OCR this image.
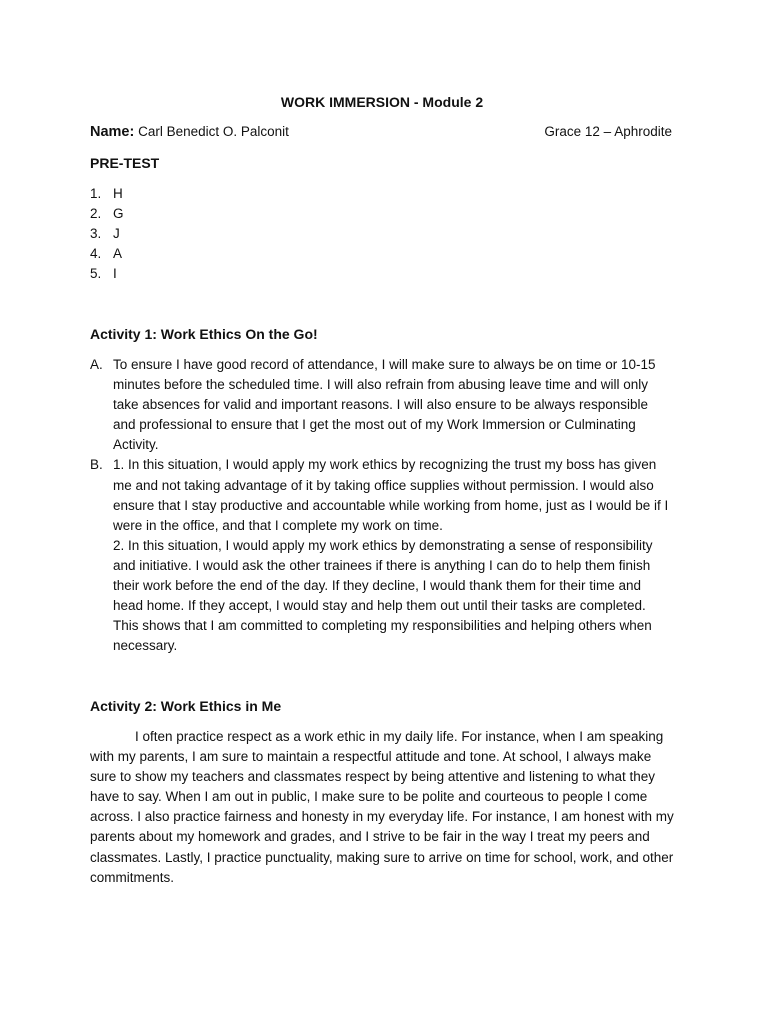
WORK IMMERSION - Module 2
Name: Carl Benedict O. Palconit	Grace 12 – Aphrodite
PRE-TEST
1. H
2. G
3. J
4. A
5. I
Activity 1: Work Ethics On the Go!
A. To ensure I have good record of attendance, I will make sure to always be on time or 10-15 minutes before the scheduled time. I will also refrain from abusing leave time and will only take absences for valid and important reasons. I will also ensure to be always responsible and professional to ensure that I get the most out of my Work Immersion or Culminating Activity.

B. 1. In this situation, I would apply my work ethics by recognizing the trust my boss has given me and not taking advantage of it by taking office supplies without permission. I would also ensure that I stay productive and accountable while working from home, just as I would be if I were in the office, and that I complete my work on time.

2. In this situation, I would apply my work ethics by demonstrating a sense of responsibility and initiative. I would ask the other trainees if there is anything I can do to help them finish their work before the end of the day. If they decline, I would thank them for their time and head home. If they accept, I would stay and help them out until their tasks are completed. This shows that I am committed to completing my responsibilities and helping others when necessary.

Activity 2: Work Ethics in Me

I often practice respect as a work ethic in my daily life. For instance, when I am speaking with my parents, I am sure to maintain a respectful attitude and tone. At school, I always make sure to show my teachers and classmates respect by being attentive and listening to what they have to say. When I am out in public, I make sure to be polite and courteous to people I come across. I also practice fairness and honesty in my everyday life. For instance, I am honest with my parents about my homework and grades, and I strive to be fair in the way I treat my peers and classmates. Lastly, I practice punctuality, making sure to arrive on time for school, work, and other commitments.
